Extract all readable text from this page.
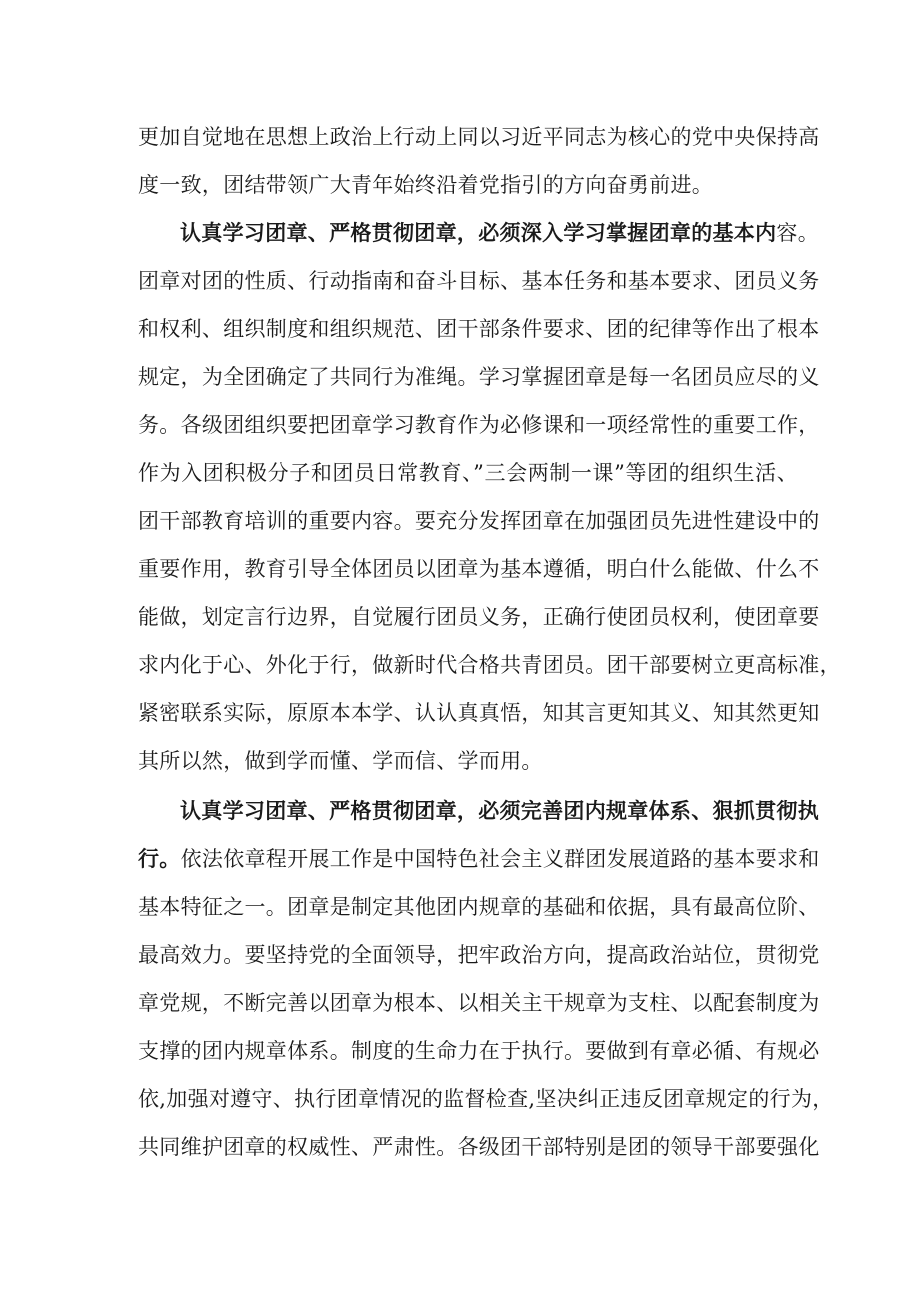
更加自觉地在思想上政治上行动上同以习近平同志为核心的党中央保持高
度一致，团结带领广大青年始终沿着党指引的方向奋勇前进。
认真学习团章、严格贯彻团章，必须深入学习掌握团章的基本内容。
团章对团的性质、行动指南和奋斗目标、基本任务和基本要求、团员义务
和权利、组织制度和组织规范、团干部条件要求、团的纪律等作出了根本
规定，为全团确定了共同行为准绳。学习掌握团章是每一名团员应尽的义
务。各级团组织要把团章学习教育作为必修课和一项经常性的重要工作，
作为入团积极分子和团员日常教育、”三会两制一课”等团的组织生活、
团干部教育培训的重要内容。要充分发挥团章在加强团员先进性建设中的
重要作用，教育引导全体团员以团章为基本遵循，明白什么能做、什么不
能做，划定言行边界，自觉履行团员义务，正确行使团员权利，使团章要
求内化于心、外化于行，做新时代合格共青团员。团干部要树立更高标准，
紧密联系实际，原原本本学、认认真真悟，知其言更知其义、知其然更知
其所以然，做到学而懂、学而信、学而用。
认真学习团章、严格贯彻团章，必须完善团内规章体系、狠抓贯彻执
行。依法依章程开展工作是中国特色社会主义群团发展道路的基本要求和
基本特征之一。团章是制定其他团内规章的基础和依据，具有最高位阶、
最高效力。要坚持党的全面领导，把牢政治方向，提高政治站位，贯彻党
章党规，不断完善以团章为根本、以相关主干规章为支柱、以配套制度为
支撑的团内规章体系。制度的生命力在于执行。要做到有章必循、有规必
依,加强对遵守、执行团章情况的监督检查,坚决纠正违反团章规定的行为，
共同维护团章的权威性、严肃性。各级团干部特别是团的领导干部要强化
